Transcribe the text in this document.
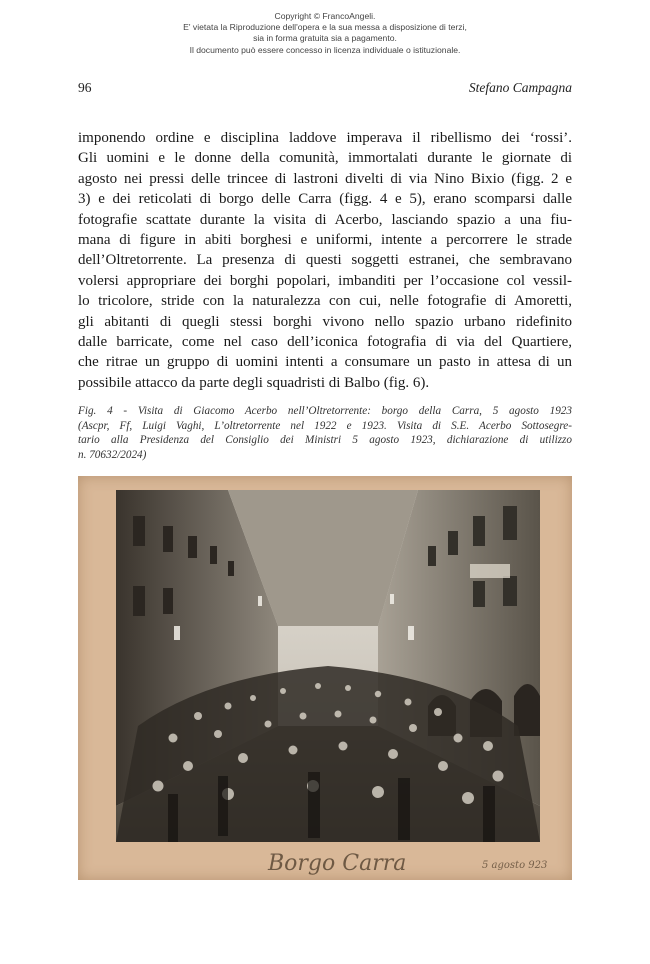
Copyright © FrancoAngeli.
E' vietata la Riproduzione dell'opera e la sua messa a disposizione di terzi,
sia in forma gratuita sia a pagamento.
Il documento può essere concesso in licenza individuale o istituzionale.
96	Stefano Campagna
imponendo ordine e disciplina laddove imperava il ribellismo dei ‘rossi’.
Gli uomini e le donne della comunità, immortalati durante le giornate di
agosto nei pressi delle trincee di lastroni divelti di via Nino Bixio (figg. 2 e
3) e dei reticolati di borgo delle Carra (figg. 4 e 5), erano scomparsi dalle
fotografie scattate durante la visita di Acerbo, lasciando spazio a una fiu-
mana di figure in abiti borghesi e uniformi, intente a percorrere le strade
dell’Oltretorrente. La presenza di questi soggetti estranei, che sembravano
volersi appropriare dei borghi popolari, imbanditi per l’occasione col vessil-
lo tricolore, stride con la naturalezza con cui, nelle fotografie di Amoretti,
gli abitanti di quegli stessi borghi vivono nello spazio urbano ridefinito
dalle barricate, come nel caso dell’iconica fotografia di via del Quartiere,
che ritrae un gruppo di uomini intenti a consumare un pasto in attesa di un
possibile attacco da parte degli squadristi di Balbo (fig. 6).
Fig. 4 - Visita di Giacomo Acerbo nell’Oltretorrente: borgo della Carra, 5 agosto 1923
(Ascpr, Ff, Luigi Vaghi, L’oltretorrente nel 1922 e 1923. Visita di S.E. Acerbo Sottosegre-
tario alla Presidenza del Consiglio dei Ministri 5 agosto 1923, dichiarazione di utilizzo
n. 70632/2024)
Borgo Carra	5 agosto 923
